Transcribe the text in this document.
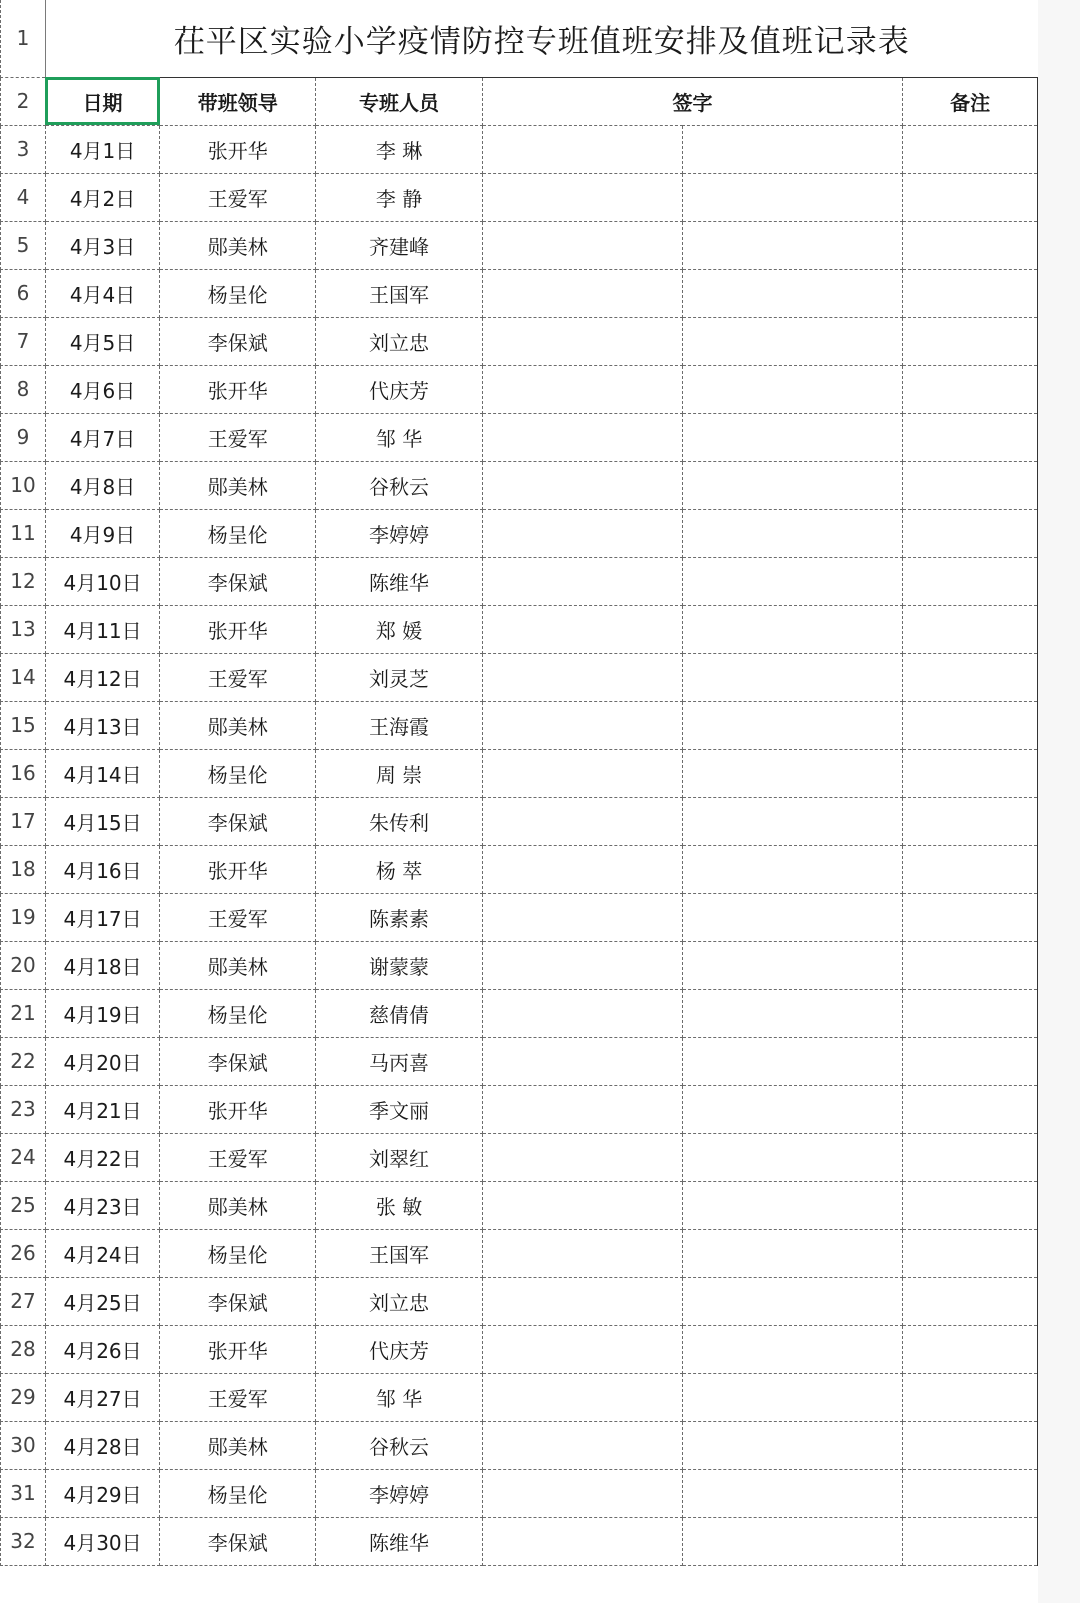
1	茌平区实验小学疫情防控专班值班安排及值班记录表					
2	日期	带班领导	专班人员	签字		备注
3	4月1日	张开华	李 琳			
4	4月2日	王爱军	李 静			
5	4月3日	郧美林	齐建峰			
6	4月4日	杨呈伦	王国军			
7	4月5日	李保斌	刘立忠			
8	4月6日	张开华	代庆芳			
9	4月7日	王爱军	邹 华			
10	4月8日	郧美林	谷秋云			
11	4月9日	杨呈伦	李婷婷			
12	4月10日	李保斌	陈维华			
13	4月11日	张开华	郑 媛			
14	4月12日	王爱军	刘灵芝			
15	4月13日	郧美林	王海霞			
16	4月14日	杨呈伦	周 崇			
17	4月15日	李保斌	朱传利			
18	4月16日	张开华	杨 萃			
19	4月17日	王爱军	陈素素			
20	4月18日	郧美林	谢蒙蒙			
21	4月19日	杨呈伦	慈倩倩			
22	4月20日	李保斌	马丙喜			
23	4月21日	张开华	季文丽			
24	4月22日	王爱军	刘翠红			
25	4月23日	郧美林	张 敏			
26	4月24日	杨呈伦	王国军			
27	4月25日	李保斌	刘立忠			
28	4月26日	张开华	代庆芳			
29	4月27日	王爱军	邹 华			
30	4月28日	郧美林	谷秋云			
31	4月29日	杨呈伦	李婷婷			
32	4月30日	李保斌	陈维华			
